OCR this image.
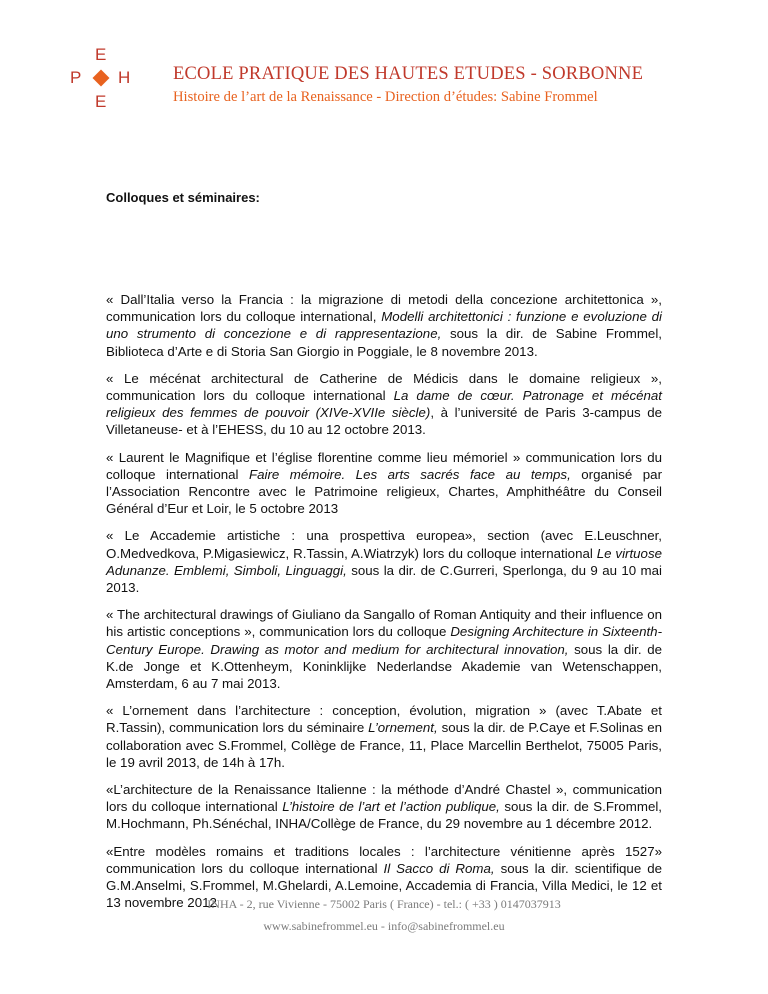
E
P H
E
ECOLE PRATIQUE DES HAUTES ETUDES - SORBONNE

Histoire de l’art de la Renaissance - Direction d’études: Sabine Frommel

Colloques et séminaires:

« Dall’Italia verso la Francia : la migrazione di metodi della concezione architettonica », communication lors du colloque international, Modelli architettonici : funzione e evoluzione di uno strumento di concezione e di rappresentazione, sous la dir. de Sabine Frommel, Biblioteca d’Arte e di Storia San Giorgio in Poggiale, le 8 novembre 2013.

« Le mécénat architectural de Catherine de Médicis dans le domaine religieux », communication lors du colloque international La dame de cœur. Patronage et mécénat religieux des femmes de pouvoir (XIVe-XVIIe siècle), à l’université de Paris 3-campus de Villetaneuse- et à l’EHESS, du 10 au 12 octobre 2013.

« Laurent le Magnifique et l’église florentine comme lieu mémoriel » communication lors du colloque international Faire mémoire. Les arts sacrés face au temps, organisé par l’Association Rencontre avec le Patrimoine religieux, Chartes, Amphithéâtre du Conseil Général d’Eur et Loir, le 5 octobre 2013

« Le Accademie artistiche : una prospettiva europea», section (avec E.Leuschner, O.Medvedkova, P.Migasiewicz, R.Tassin, A.Wiatrzyk) lors du colloque international Le virtuose Adunanze. Emblemi, Simboli, Linguaggi, sous la dir. de C.Gurreri, Sperlonga, du 9 au 10 mai 2013.

« The architectural drawings of Giuliano da Sangallo of Roman Antiquity and their influence on his artistic conceptions », communication lors du colloque Designing Architecture in Sixteenth-Century Europe. Drawing as motor and medium for architectural innovation, sous la dir. de K.de Jonge et K.Ottenheym, Koninklijke Nederlandse Akademie van Wetenschappen, Amsterdam, 6 au 7 mai 2013.

« L’ornement dans l’architecture : conception, évolution, migration » (avec T.Abate et R.Tassin), communication lors du séminaire L’ornement, sous la dir. de P.Caye et F.Solinas en collaboration avec S.Frommel, Collège de France, 11, Place Marcellin Berthelot, 75005 Paris, le 19 avril 2013, de 14h à 17h.

«L’architecture de la Renaissance Italienne : la méthode d’André Chastel », communication lors du colloque international L’histoire de l’art et l’action publique, sous la dir. de S.Frommel, M.Hochmann, Ph.Sénéchal, INHA/Collège de France, du 29 novembre au 1 décembre 2012.

«Entre modèles romains et traditions locales : l’architecture vénitienne après 1527» communication lors du colloque international Il Sacco di Roma, sous la dir. scientifique de G.M.Anselmi, S.Frommel, M.Ghelardi, A.Lemoine, Accademia di Francia, Villa Medici, le 12 et 13 novembre 2012

INHA - 2, rue Vivienne - 75002 Paris ( France) - tel.: ( +33 ) 0147037913
www.sabinefrommel.eu - info@sabinefrommel.eu
